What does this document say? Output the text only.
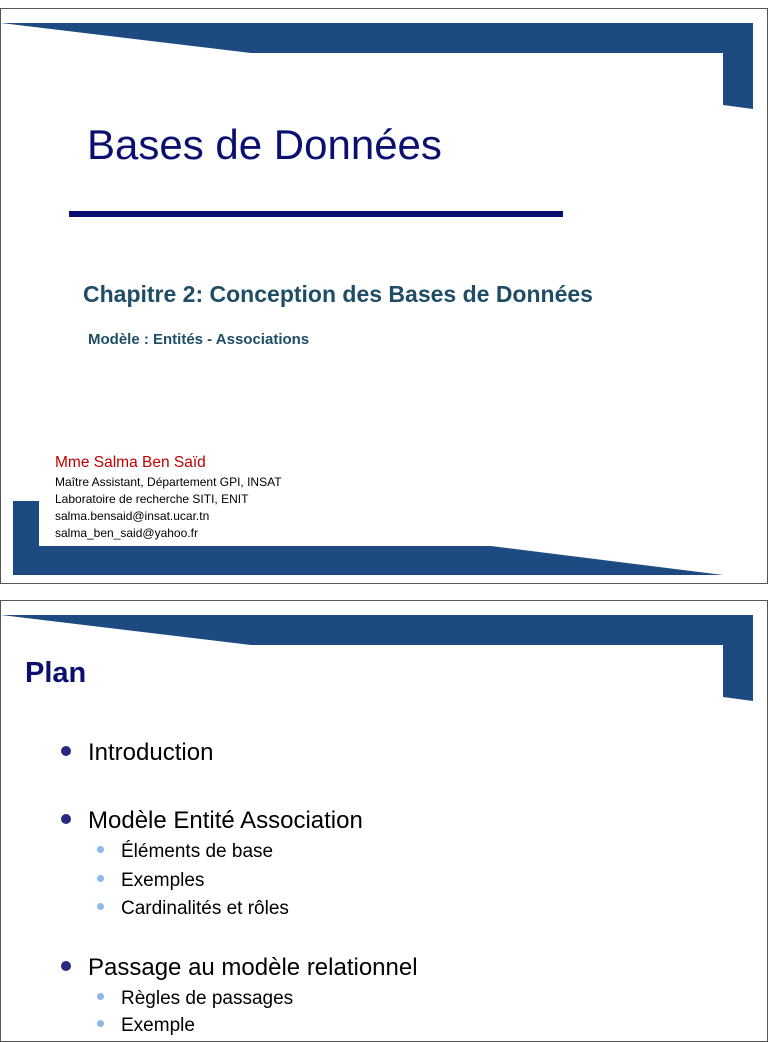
Bases de Données
Chapitre 2: Conception des Bases de Données
Modèle : Entités - Associations
Mme Salma Ben Saïd
Maître Assistant, Département GPI, INSAT
Laboratoire de recherche SITI, ENIT
salma.bensaid@insat.ucar.tn
salma_ben_said@yahoo.fr
Plan
Introduction
Modèle Entité Association
Éléments de base
Exemples
Cardinalités et rôles
Passage au modèle relationnel
Règles de passages
Exemple
